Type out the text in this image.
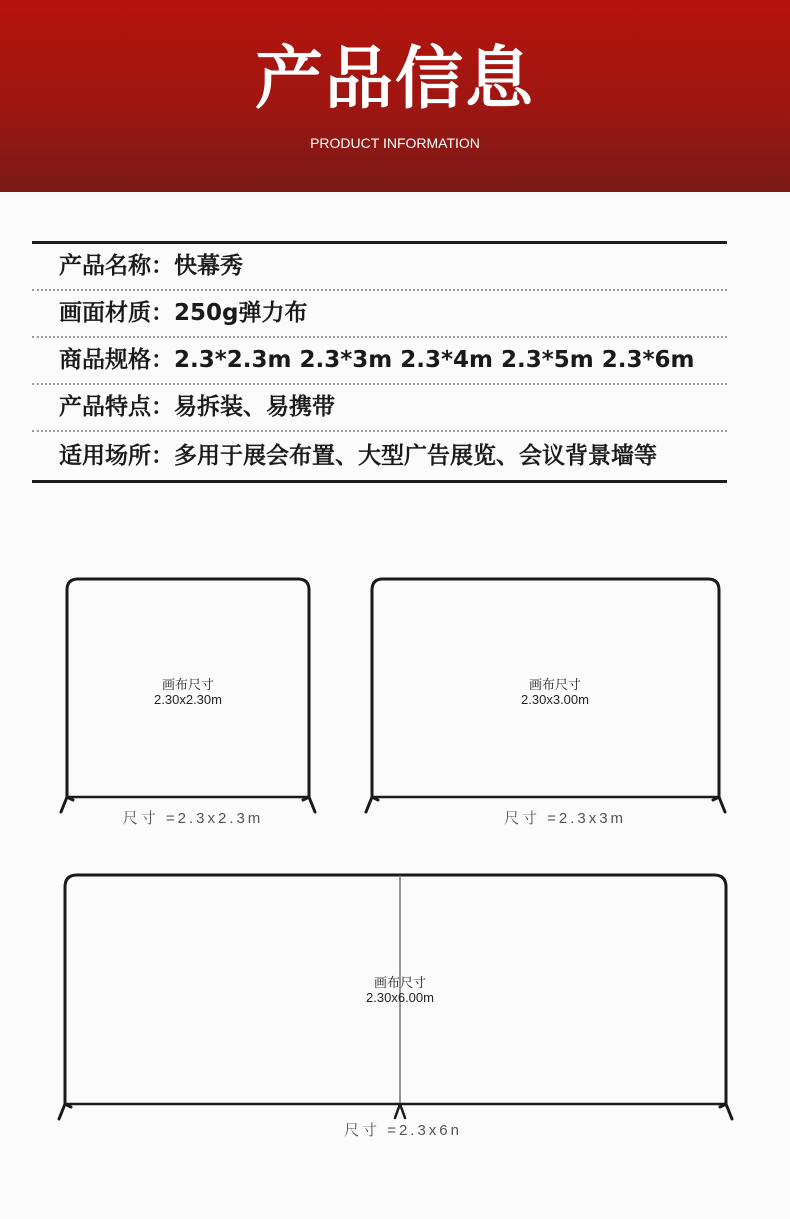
产品信息
PRODUCT INFORMATION
产品名称：快幕秀
画面材质：250g弹力布
商品规格：2.3*2.3m 2.3*3m 2.3*4m 2.3*5m 2.3*6m
产品特点：易拆装、易携带
适用场所：多用于展会布置、大型广告展览、会议背景墙等
画布尺寸
2.30x2.30m
尺寸 =2.3x2.3m
画布尺寸
2.30x3.00m
尺寸 =2.3x3m
画布尺寸
2.30x6.00m
尺寸 =2.3x6n
